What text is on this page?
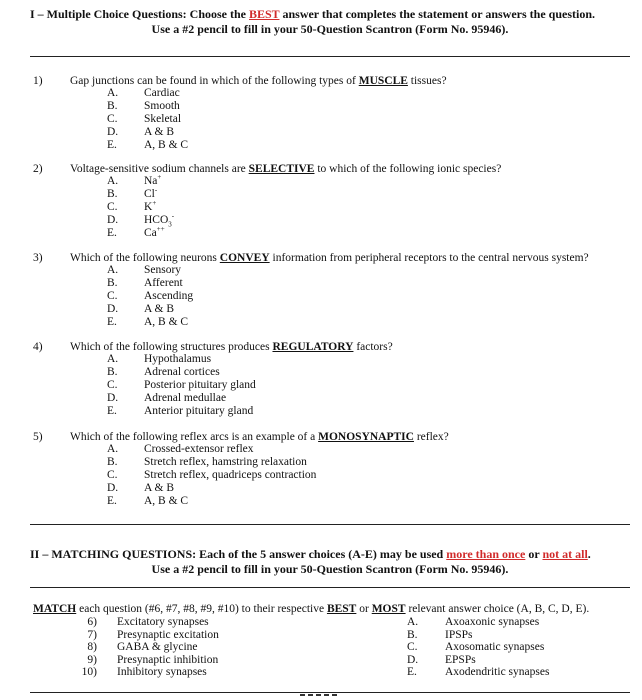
I – Multiple Choice Questions: Choose the BEST answer that completes the statement or answers the question.
Use a #2 pencil to fill in your 50-Question Scantron (Form No. 95946).
1) Gap junctions can be found in which of the following types of MUSCLE tissues?
A. Cardiac
B. Smooth
C. Skeletal
D. A & B
E. A, B & C
2) Voltage-sensitive sodium channels are SELECTIVE to which of the following ionic species?
A. Na+
B. Cl-
C. K+
D. $HCO_3^-$
E. Ca++
3) Which of the following neurons CONVEY information from peripheral receptors to the central nervous system?
A. Sensory
B. Afferent
C. Ascending
D. A & B
E. A, B & C
4) Which of the following structures produces REGULATORY factors?
A. Hypothalamus
B. Adrenal cortices
C. Posterior pituitary gland
D. Adrenal medullae
E. Anterior pituitary gland
5) Which of the following reflex arcs is an example of a MONOSYNAPTIC reflex?
A. Crossed-extensor reflex
B. Stretch reflex, hamstring relaxation
C. Stretch reflex, quadriceps contraction
D. A & B
E. A, B & C
II – MATCHING QUESTIONS: Each of the 5 answer choices (A-E) may be used more than once or not at all.
Use a #2 pencil to fill in your 50-Question Scantron (Form No. 95946).
MATCH each question (#6, #7, #8, #9, #10) to their respective BEST or MOST relevant answer choice (A, B, C, D, E).
6) Excitatory synapses	A. Axoaxonic synapses
7) Presynaptic excitation	B. IPSPs
8) GABA & glycine	C. Axosomatic synapses
9) Presynaptic inhibition	D. EPSPs
10) Inhibitory synapses	E. Axodendritic synapses
